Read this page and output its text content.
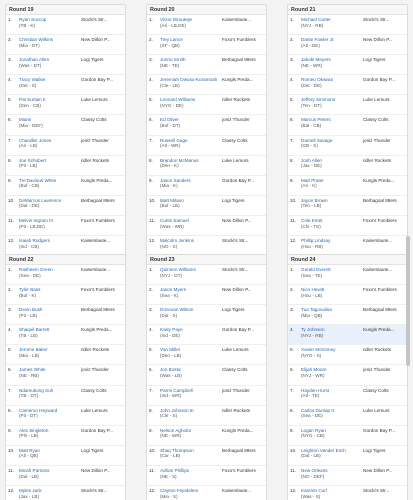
Round 19
1.	Ryan Succop
(TB - K)
Stocki's Str...
2.	Christian Wilkins
(Mia - DT)
New Dillon P...
3.	Jonathan Allen
(Was - DT)
Logi Tigers
4.	Tracy Walker
(Det - S)
Gordon Bay P...
5.	Pat Surtain II
(Den - CB)
Luke Lemurs
6.	Miami
(Mia - DEF)
Classy Colts
7.	Chandler Jones
(Ari - LB)
joniz Thunder
8.	Joe Schobert
(Pit - LB)
ridler Rockets
9.	Tre'Davious White
(Buf - CB)
Kungls Preda...
10.	DeMarcus Lawrence
(Dal - DE)
Berbagoal 89ers
11.	Melvin Ingram III
(Pit - LB,DE)
Foxo's Fumblers
12.	Isaiah Rodgers
(Ind - CB)
Kaiserslaute...
Round 20
1.	Victor Dimukeje
(Ari - LB,DE)
Kaiserslaute...
2.	Trey Lance
(SF - QB)
Foxo's Fumblers
3.	Jonnu Smith
(NE - TE)
Berbagoal 89ers
4.	Jeremiah Owusu-Koramoah
(Cle - LB)
Kungls Preda...
5.	Leonard Williams
(NYG - DE)
ridler Rockets
6.	Ed Oliver
(Buf - DT)
joniz Thunder
7.	Russell Gage
(Atl - WR)
Classy Colts
8.	Brandon McManus
(Den - K)
Luke Lemurs
9.	Jason Sanders
(Mia - K)
Gordon Bay P...
10.	Matt Milano
(Buf - LB)
Logi Tigers
11.	Curtis Samuel
(Was - WR)
New Dillon P...
12.	Malcolm Jenkins
(NO - S)
Stocki's Str...
Round 21
1.	Michael Carter
(NYJ - RB)
Stocki's Str...
2.	Dante Fowler Jr.
(Atl - DE)
New Dillon P...
3.	Jakobi Meyers
(NE - WR)
Logi Tigers
4.	Romeo Okwara
(Det - DE)
Gordon Bay P...
5.	Jeffery Simmons
(Ten - DT)
Luke Lemurs
6.	Marcus Peters
(Bal - CB)
Classy Colts
7.	Darnell Savage
(GB - S)
joniz Thunder
8.	Josh Allen
(Jax - DE)
ridler Rockets
9.	Matt Prater
(Ari - K)
Kungls Preda...
10.	Jayon Brown
(Ten - LB)
Berbagoal 89ers
11.	Cole Kmet
(Chi - TE)
Foxo's Fumblers
12.	Phillip Lindsay
(Hou - RB)
Kaiserslaute...
Round 22
1.	Rasheem Green
(Sea - DE)
Kaiserslaute...
2.	Tyler Bass
(Buf - K)
Foxo's Fumblers
3.	Devin Bush
(Pit - LB)
Berbagoal 89ers
4.	Shaquil Barrett
(TB - LB)
Kungls Preda...
5.	Jerome Baker
(Mia - LB)
ridler Rockets
6.	James White
(NE - RB)
joniz Thunder
7.	Ndamukong Suh
(TB - DT)
Classy Colts
8.	Cameron Heyward
(Pit - DT)
Luke Lemurs
9.	Alex Singleton
(Phi - LB)
Gordon Bay P...
10.	Matt Ryan
(Atl - QB)
Logi Tigers
11.	Micah Parsons
(Dal - LB)
New Dillon P...
12.	Myles Jack
(Jax - LB)
Stocki's Str...
Round 23
1.	Quinnen Williams
(NYJ - DT)
Stocki's Str...
2.	Jason Myers
(Sea - K)
New Dillon P...
3.	Donovan Wilson
(Dal - S)
Logi Tigers
4.	Kwity Paye
(Ind - DE)
Gordon Bay P...
5.	Von Miller
(Den - LB)
Luke Lemurs
6.	Jon Bostic
(Was - LB)
Classy Colts
7.	Parris Campbell
(Ind - WR)
joniz Thunder
8.	John Johnson III
(Cle - S)
ridler Rockets
9.	Nelson Agholor
(NE - WR)
Kungls Preda...
10.	Shaq Thompson
(Car - LB)
Berbagoal 89ers
11.	Adrian Phillips
(NE - S)
Foxo's Fumblers
12.	Clayton Fejedelem
(Mia - S)
Kaiserslaute...
Round 24
1.	Gerald Everett
(Sea - TE)
Kaiserslaute...
2.	Nico Hewitt
(Hou - LB)
Foxo's Fumblers
3.	Tua Tagovailoa
(Mia - QB)
Berbagoal 89ers
4.	Ty Johnson
(NYJ - RB)
Kungls Preda...
5.	Xavier McKinney
(NYG - S)
ridler Rockets
6.	Elijah Moore
(NYJ - WR)
joniz Thunder
7.	Hayden Hurst
(Atl - TE)
Classy Colts
8.	Carlos Dunlap II
(Sea - DE)
Luke Lemurs
9.	Logan Ryan
(NYG - CB)
Gordon Bay P...
10.	Leighton Vander Esch
(Dal - LB)
Logi Tigers
11.	New Orleans
(NO - DEF)
New Dillon P...
12.	Kamren Curl
(Was - S)
Stocki's Str...
